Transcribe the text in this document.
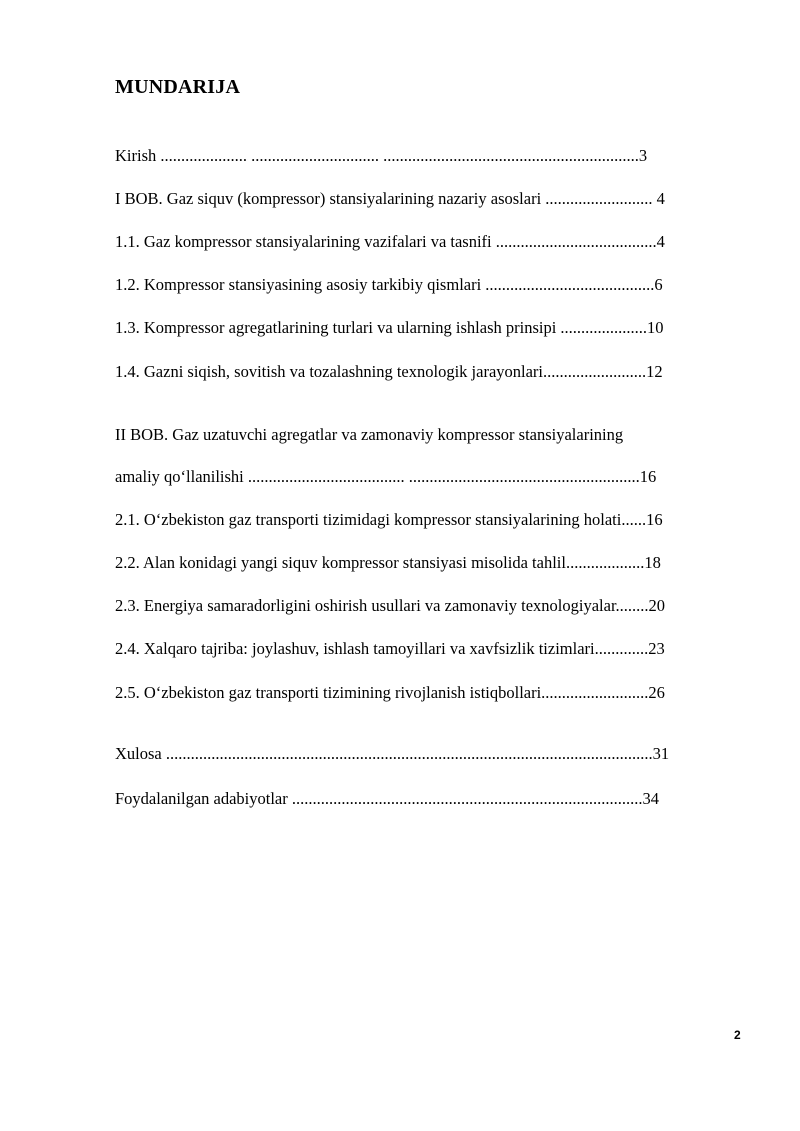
MUNDARIJA
Kirish ..................... ............................... ..............................................................3
I BOB. Gaz siquv (kompressor) stansiyalarining nazariy asoslari .......................... 4
1.1. Gaz kompressor stansiyalarining vazifalari va tasnifi .......................................4
1.2. Kompressor stansiyasining asosiy tarkibiy qismlari .........................................6
1.3. Kompressor agregatlarining turlari va ularning ishlash prinsipi .....................10
1.4. Gazni siqish, sovitish va tozalashning texnologik jarayonlari.........................12
II BOB. Gaz uzatuvchi agregatlar va zamonaviy kompressor stansiyalarining
amaliy qo‘llanilishi ...................................... ........................................................16
2.1. O‘zbekiston gaz transporti tizimidagi kompressor stansiyalarining holati......16
2.2. Alan konidagi yangi siquv kompressor stansiyasi misolida tahlil...................18
2.3. Energiya samaradorligini oshirish usullari va zamonaviy texnologiyalar........20
2.4. Xalqaro tajriba: joylashuv, ishlash tamoyillari va xavfsizlik tizimlari.............23
2.5. O‘zbekiston gaz transporti tizimining rivojlanish istiqbollari..........................26
Xulosa ......................................................................................................................31
Foydalanilgan adabiyotlar .....................................................................................34
2
